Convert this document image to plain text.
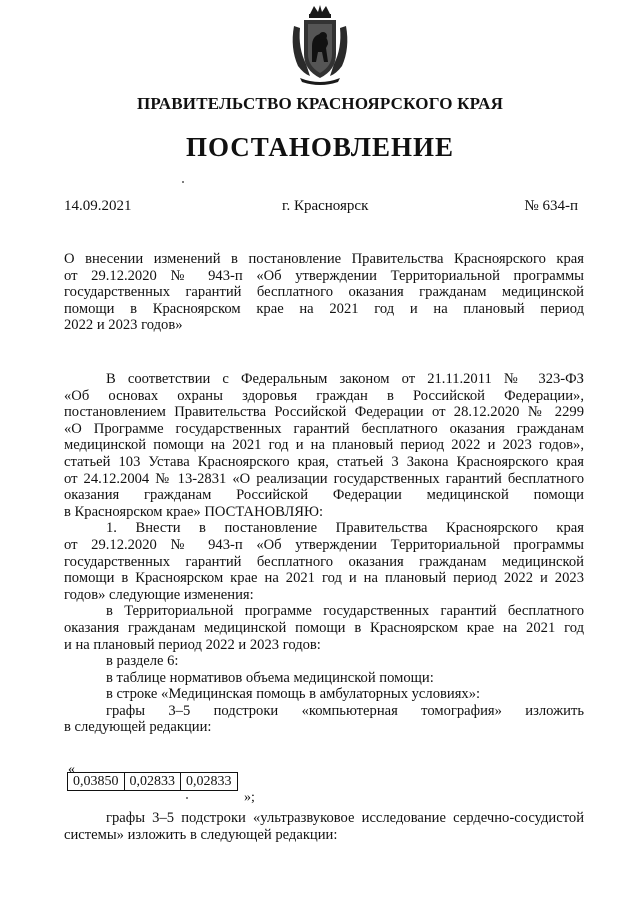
ПРАВИТЕЛЬСТВО КРАСНОЯРСКОГО КРАЯ
ПОСТАНОВЛЕНИЕ
14.09.2021	г. Красноярск	№ 634-п
О внесении изменений в постановление Правительства Красноярского края
от 29.12.2020 № 943-п «Об утверждении Территориальной программы
государственных гарантий бесплатного оказания гражданам медицинской
помощи в Красноярском крае на 2021 год и на плановый период
2022 и 2023 годов»
В соответствии с Федеральным законом от 21.11.2011 № 323-ФЗ
«Об основах охраны здоровья граждан в Российской Федерации»,
постановлением Правительства Российской Федерации от 28.12.2020 № 2299
«О Программе государственных гарантий бесплатного оказания гражданам
медицинской помощи на 2021 год и на плановый период 2022 и 2023 годов»,
статьей 103 Устава Красноярского края, статьей 3 Закона Красноярского края
от 24.12.2004 № 13-2831 «О реализации государственных гарантий бесплатного
оказания гражданам Российской Федерации медицинской помощи
в Красноярском крае» ПОСТАНОВЛЯЮ:
1. Внести в постановление Правительства Красноярского края
от 29.12.2020 № 943-п «Об утверждении Территориальной программы
государственных гарантий бесплатного оказания гражданам медицинской
помощи в Красноярском крае на 2021 год и на плановый период 2022 и 2023
годов» следующие изменения:
в Территориальной программе государственных гарантий бесплатного
оказания гражданам медицинской помощи в Красноярском крае на 2021 год
и на плановый период 2022 и 2023 годов:
в разделе 6:
в таблице нормативов объема медицинской помощи:
в строке «Медицинская помощь в амбулаторных условиях»:
графы 3–5 подстроки «компьютерная томография» изложить
в следующей редакции:
«
0,03850	0,02833	0,02833
»;
графы 3–5 подстроки «ультразвуковое исследование сердечно-сосудистой
системы» изложить в следующей редакции:
